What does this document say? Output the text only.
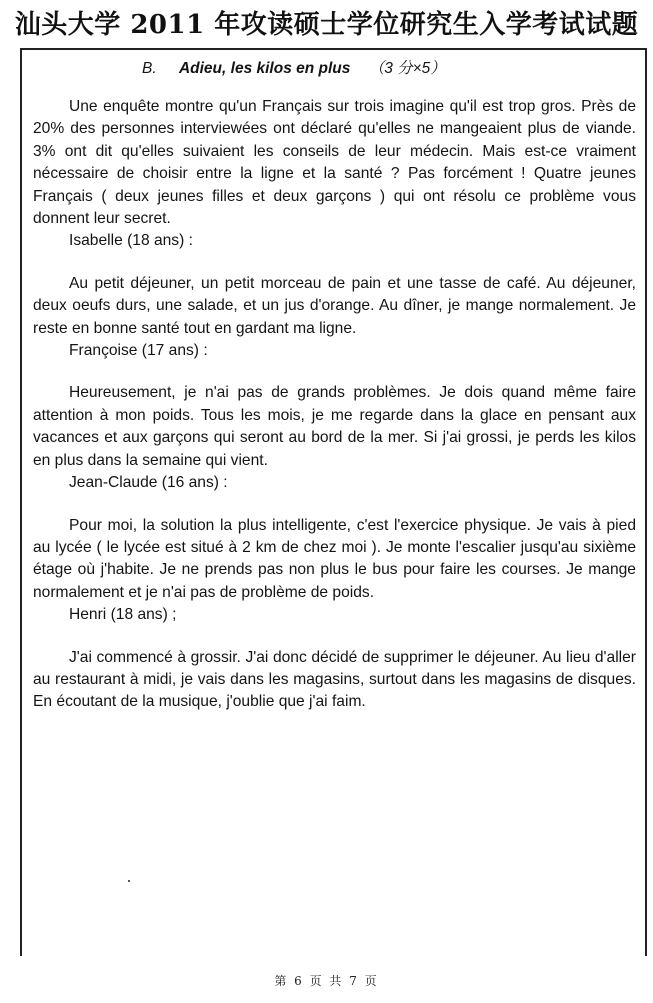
汕头大学 2011 年攻读硕士学位研究生入学考试试题
B. Adieu, les kilos en plus （3 分×5）

Une enquête montre qu'un Français sur trois imagine qu'il est trop gros. Près de 20% des personnes interviewées ont déclaré qu'elles ne mangeaient plus de viande. 3% ont dit qu'elles suivaient les conseils de leur médecin. Mais est-ce vraiment nécessaire de choisir entre la ligne et la santé ? Pas forcément ! Quatre jeunes Français ( deux jeunes filles et deux garçons ) qui ont résolu ce problème vous donnent leur secret.

Isabelle (18 ans) :

Au petit déjeuner, un petit morceau de pain et une tasse de café. Au déjeuner, deux oeufs durs, une salade, et un jus d'orange. Au dîner, je mange normalement. Je reste en bonne santé tout en gardant ma ligne.

Françoise (17 ans) :

Heureusement, je n'ai pas de grands problèmes. Je dois quand même faire attention à mon poids. Tous les mois, je me regarde dans la glace en pensant aux vacances et aux garçons qui seront au bord de la mer. Si j'ai grossi, je perds les kilos en plus dans la semaine qui vient.

Jean-Claude (16 ans) :

Pour moi, la solution la plus intelligente, c'est l'exercice physique. Je vais à pied au lycée ( le lycée est situé à 2 km de chez moi ). Je monte l'escalier jusqu'au sixième étage où j'habite. Je ne prends pas non plus le bus pour faire les courses. Je mange normalement et je n'ai pas de problème de poids.

Henri (18 ans) ;

J'ai commencé à grossir. J'ai donc décidé de supprimer le déjeuner. Au lieu d'aller au restaurant à midi, je vais dans les magasins, surtout dans les magasins de disques. En écoutant de la musique, j'oublie que j'ai faim.

第 6 页 共 7 页
